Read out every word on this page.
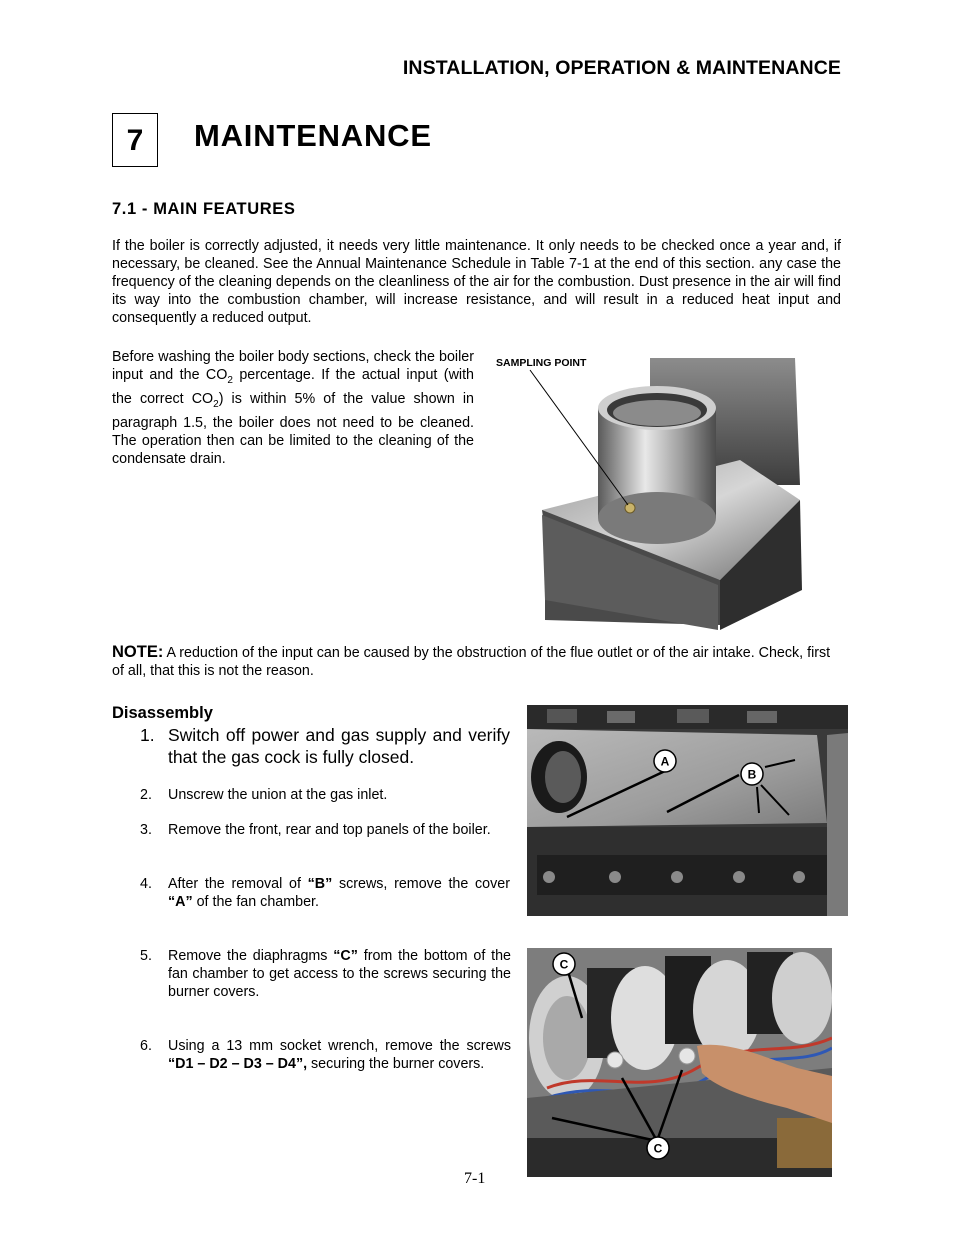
INSTALLATION, OPERATION & MAINTENANCE
7	MAINTENANCE
7.1 - MAIN FEATURES
If the boiler is correctly adjusted, it needs very little maintenance. It only needs to be checked once a year and, if necessary, be cleaned. See the Annual Maintenance Schedule in Table 7-1 at the end of this section. any case the frequency of the cleaning depends on the cleanliness of the air for the combustion. Dust presence in the air will find its way into the combustion chamber, will increase resistance, and will result in a reduced heat input and consequently a reduced output.
Before washing the boiler body sections, check the boiler input and the $CO_2$ percentage. If the actual input (with the correct $CO_2$) is within 5% of the value shown in paragraph 1.5, the boiler does not need to be cleaned. The operation then can be limited to the cleaning of the condensate drain.
SAMPLING POINT
NOTE: A reduction of the input can be caused by the obstruction of the flue outlet or of the air intake. Check, first of all, that this is not the reason.
Disassembly
1. Switch off power and gas supply and verify that the gas cock is fully closed.
2.	Unscrew the union at the gas inlet.
3.	Remove the front, rear and top panels of the boiler.
4.	After the removal of “B” screws, remove the cover “A” of the fan chamber.
5.	Remove the diaphragms “C” from the bottom of the fan chamber to get access to the screws securing the burner covers.
6.	Using a 13 mm socket wrench, remove the screws “D1 – D2 – D3 – D4”, securing the burner covers.
A
B
C
C
7-1
